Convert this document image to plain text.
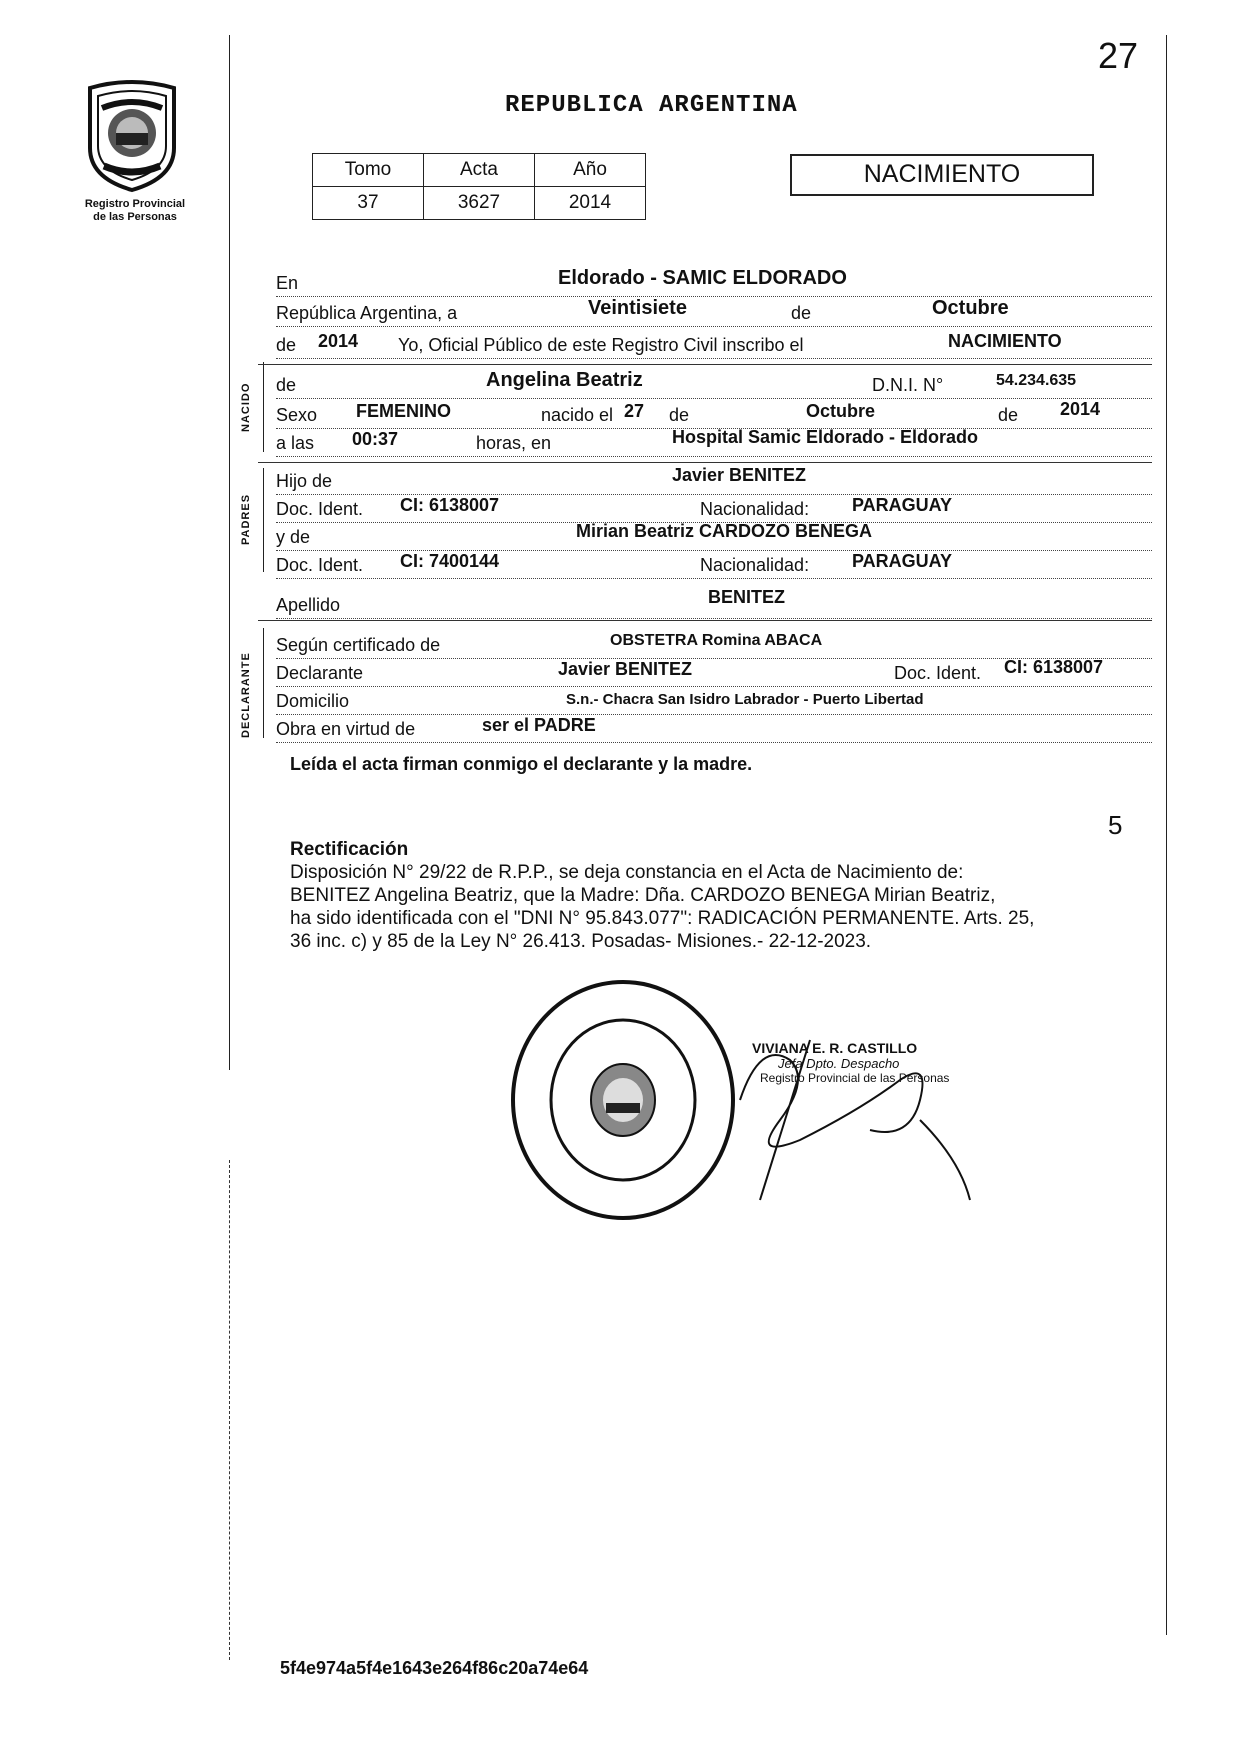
Registro Provincial
de las Personas
27
REPUBLICA ARGENTINA
Tomo	Acta	Año
37	3627	2014
NACIMIENTO
NACIDO
PADRES
DECLARANTE
En	Eldorado - SAMIC ELDORADO
República Argentina, a	Veintisiete	de	Octubre
de 2014 Yo, Oficial Público de este Registro Civil inscribo el	NACIMIENTO
de	Angelina Beatriz	D.N.I. N°	54.234.635
Sexo FEMENINO	nacido el 27 de	Octubre	de 2014
a las 00:37	horas, en	Hospital Samic Eldorado - Eldorado
Hijo de	Javier BENITEZ
Doc. Ident. CI: 6138007	Nacionalidad: PARAGUAY
y de	Mirian Beatriz CARDOZO BENEGA
Doc. Ident. CI: 7400144	Nacionalidad: PARAGUAY
Apellido	BENITEZ
Según certificado de	OBSTETRA Romina ABACA
Declarante	Javier BENITEZ	Doc. Ident. CI: 6138007
Domicilio	S.n.- Chacra San Isidro Labrador - Puerto Libertad
Obra en virtud de	ser el PADRE
Leída el acta firman conmigo el declarante y la madre.
5
Rectificación
Disposición N° 29/22 de R.P.P., se deja constancia en el Acta de Nacimiento de:
BENITEZ Angelina Beatriz, que la Madre: Dña. CARDOZO BENEGA Mirian Beatriz,
ha sido identificada con el "DNI N° 95.843.077": RADICACIÓN PERMANENTE. Arts. 25,
36 inc. c) y 85 de la Ley N° 26.413. Posadas- Misiones.- 22-12-2023.
VIVIANA E. R. CASTILLO
Jefa Dpto. Despacho
Registro Provincial de las Personas
5f4e974a5f4e1643e264f86c20a74e64
